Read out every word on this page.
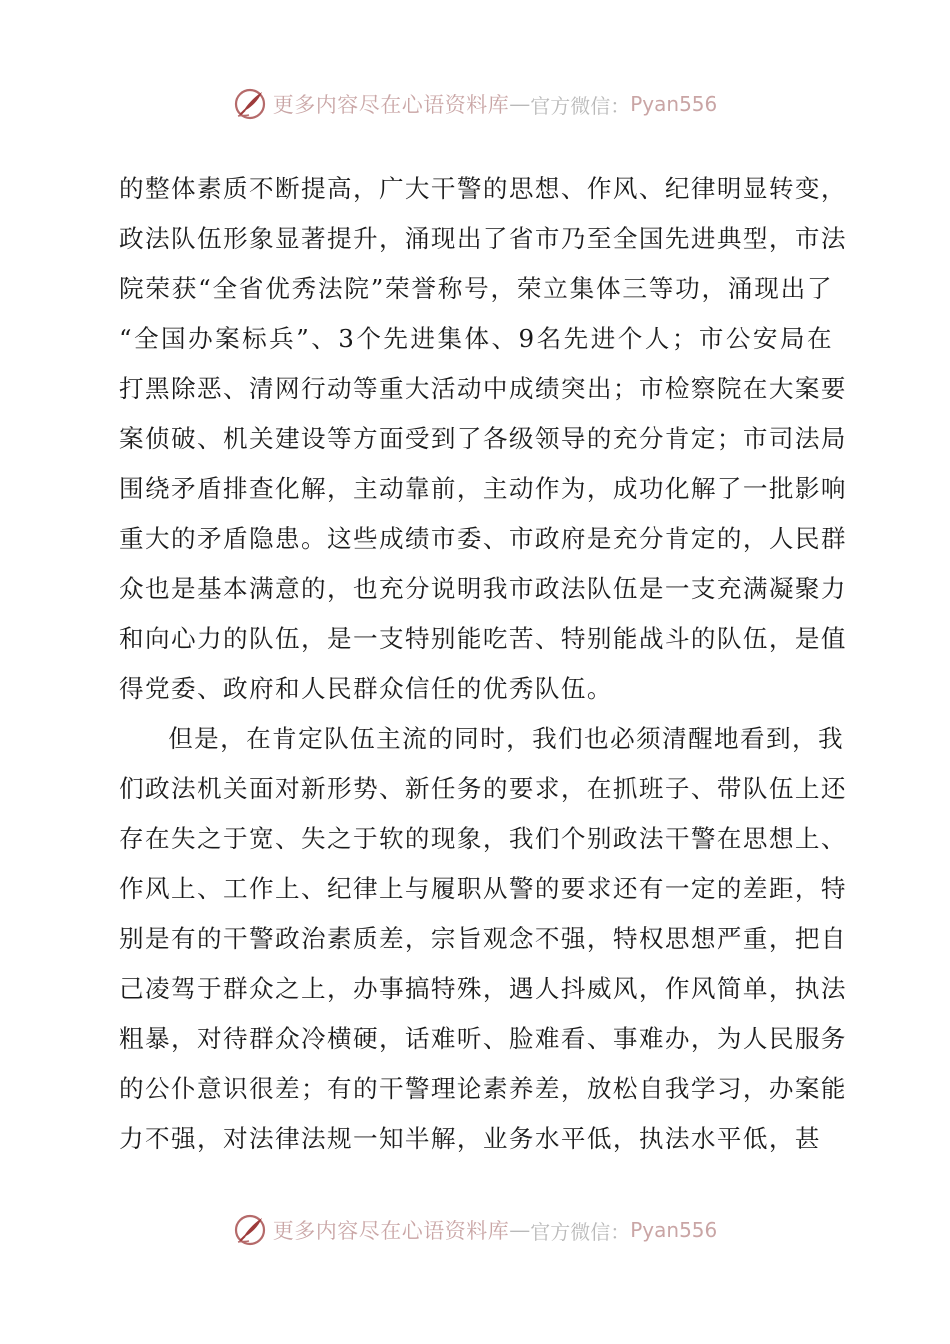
更多内容尽在心语资料库 — 官方微信： Pyan556

的整体素质不断提高，广大干警的思想、作风、纪律明显转变，

政法队伍形象显著提升，涌现出了省市乃至全国先进典型，市法

院荣获“全省优秀法院”荣誉称号，荣立集体三等功，涌现出了

“全国办案标兵”、3个先进集体、9名先进个人；市公安局在

打黑除恶、清网行动等重大活动中成绩突出；市检察院在大案要

案侦破、机关建设等方面受到了各级领导的充分肯定；市司法局

围绕矛盾排查化解，主动靠前，主动作为，成功化解了一批影响

重大的矛盾隐患。这些成绩市委、市政府是充分肯定的，人民群

众也是基本满意的，也充分说明我市政法队伍是一支充满凝聚力

和向心力的队伍，是一支特别能吃苦、特别能战斗的队伍，是值

得党委、政府和人民群众信任的优秀队伍。

但是，在肯定队伍主流的同时，我们也必须清醒地看到，我

们政法机关面对新形势、新任务的要求，在抓班子、带队伍上还

存在失之于宽、失之于软的现象，我们个别政法干警在思想上、

作风上、工作上、纪律上与履职从警的要求还有一定的差距，特

别是有的干警政治素质差，宗旨观念不强，特权思想严重，把自

己凌驾于群众之上，办事搞特殊，遇人抖威风，作风简单，执法

粗暴，对待群众冷横硬，话难听、脸难看、事难办，为人民服务

的公仆意识很差；有的干警理论素养差，放松自我学习，办案能

力不强，对法律法规一知半解，业务水平低，执法水平低，甚

更多内容尽在心语资料库 — 官方微信： Pyan556
